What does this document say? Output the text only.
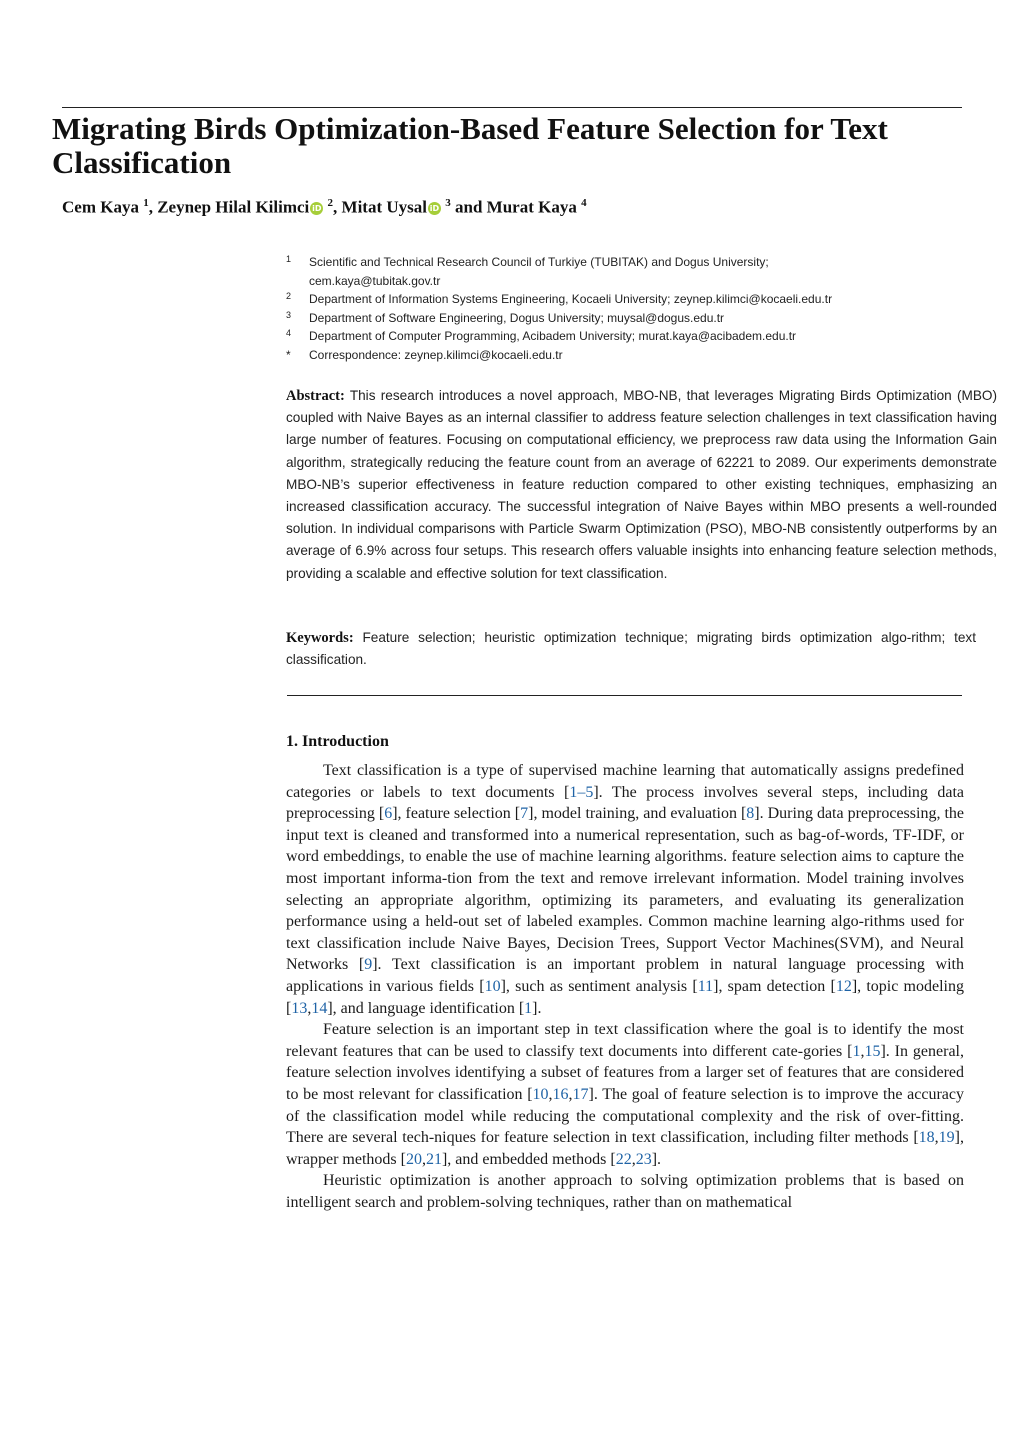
Migrating Birds Optimization-Based Feature Selection for Text Classification
Cem Kaya $^1$, Zeynep Hilal Kilimci iD $^2$, Mitat Uysal iD $^3$ and Murat Kaya $^4$
1 Scientific and Technical Research Council of Turkiye (TUBITAK) and Dogus University;
cem.kaya@tubitak.gov.tr
2 Department of Information Systems Engineering, Kocaeli University; zeynep.kilimci@kocaeli.edu.tr
3 Department of Software Engineering, Dogus University; muysal@dogus.edu.tr
4 Department of Computer Programming, Acibadem University; murat.kaya@acibadem.edu.tr
* Correspondence: zeynep.kilimci@kocaeli.edu.tr

Abstract: This research introduces a novel approach, MBO-NB, that leverages Migrating Birds Optimization (MBO) coupled with Naive Bayes as an internal classifier to address feature selection challenges in text classification having large number of features. Focusing on computational efficiency, we preprocess raw data using the Information Gain algorithm, strategically reducing the feature count from an average of 62221 to 2089. Our experiments demonstrate MBO-NB’s superior effectiveness in feature reduction compared to other existing techniques, emphasizing an increased classification accuracy. The successful integration of Naive Bayes within MBO presents a well-rounded solution. In individual comparisons with Particle Swarm Optimization (PSO), MBO-NB consistently outperforms by an average of 6.9% across four setups. This research offers valuable insights into enhancing feature selection methods, providing a scalable and effective solution for text classification.

Keywords: Feature selection; heuristic optimization technique; migrating birds optimization algo-rithm; text classification.

1. Introduction

Text classification is a type of supervised machine learning that automatically assigns predefined categories or labels to text documents [1–5]. The process involves several steps, including data preprocessing [6], feature selection [7], model training, and evaluation [8]. During data preprocessing, the input text is cleaned and transformed into a numerical representation, such as bag-of-words, TF-IDF, or word embeddings, to enable the use of machine learning algorithms. feature selection aims to capture the most important informa-tion from the text and remove irrelevant information. Model training involves selecting an appropriate algorithm, optimizing its parameters, and evaluating its generalization performance using a held-out set of labeled examples. Common machine learning algo-rithms used for text classification include Naive Bayes, Decision Trees, Support Vector Machines(SVM), and Neural Networks [9]. Text classification is an important problem in natural language processing with applications in various fields [10], such as sentiment analysis [11], spam detection [12], topic modeling [13,14], and language identification [1].

Feature selection is an important step in text classification where the goal is to identify the most relevant features that can be used to classify text documents into different cate-gories [1,15]. In general, feature selection involves identifying a subset of features from a larger set of features that are considered to be most relevant for classification [10,16,17]. The goal of feature selection is to improve the accuracy of the classification model while reducing the computational complexity and the risk of over-fitting. There are several tech-niques for feature selection in text classification, including filter methods [18,19], wrapper methods [20,21], and embedded methods [22,23].

Heuristic optimization is another approach to solving optimization problems that is based on intelligent search and problem-solving techniques, rather than on mathematical
